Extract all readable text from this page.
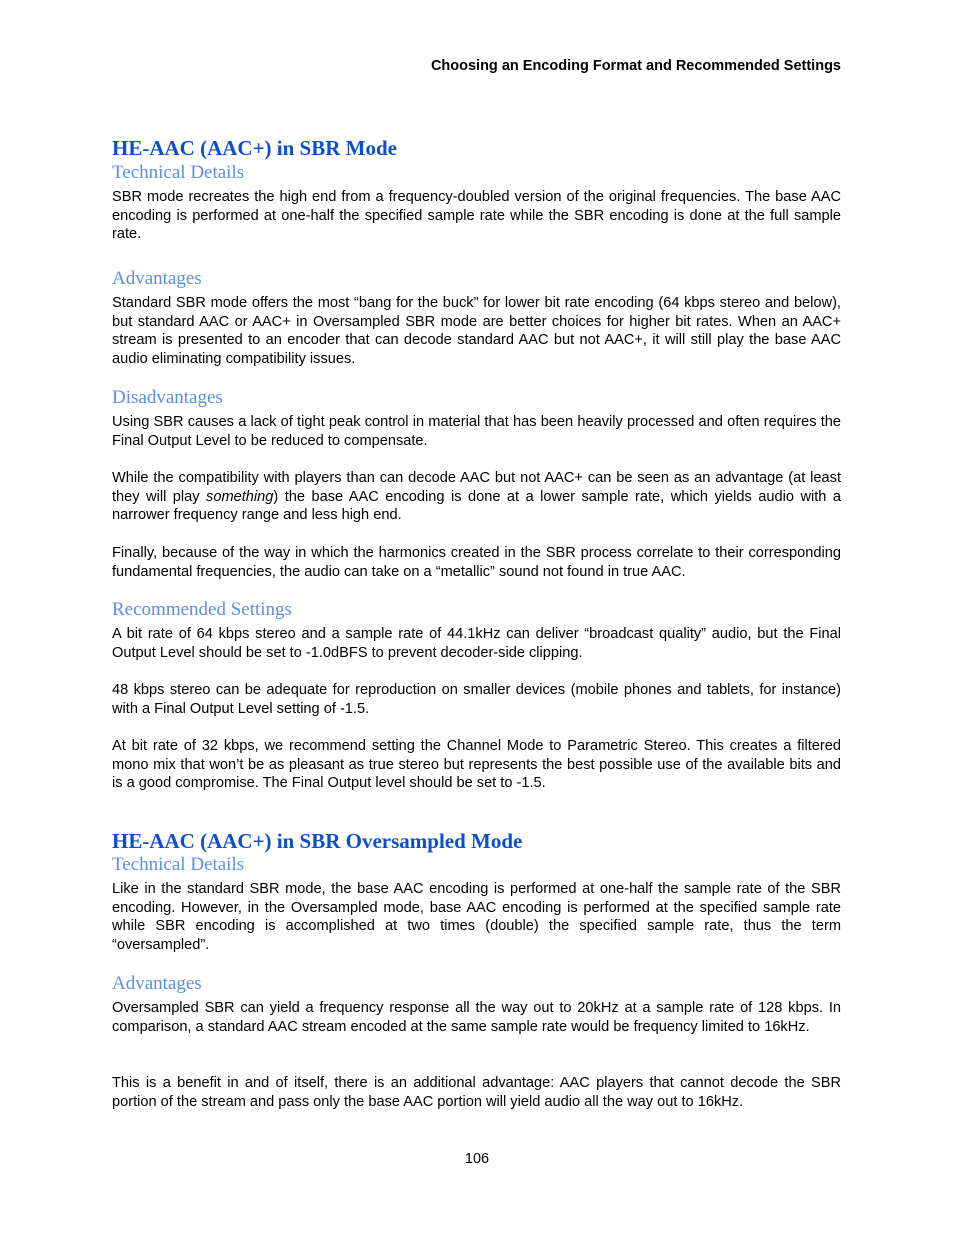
Choosing an Encoding Format and Recommended Settings
HE-AAC (AAC+) in SBR Mode
Technical Details
SBR mode recreates the high end from a frequency-doubled version of the original frequencies. The base AAC encoding is performed at one-half the specified sample rate while the SBR encoding is done at the full sample rate.
Advantages
Standard SBR mode offers the most “bang for the buck” for lower bit rate encoding (64 kbps stereo and below), but standard AAC or AAC+ in Oversampled SBR mode are better choices for higher bit rates. When an AAC+ stream is presented to an encoder that can decode standard AAC but not AAC+, it will still play the base AAC audio eliminating compatibility issues.
Disadvantages
Using SBR causes a lack of tight peak control in material that has been heavily processed and often requires the Final Output Level to be reduced to compensate.
While the compatibility with players than can decode AAC but not AAC+ can be seen as an advantage (at least they will play something) the base AAC encoding is done at a lower sample rate, which yields audio with a narrower frequency range and less high end.
Finally, because of the way in which the harmonics created in the SBR process correlate to their corresponding fundamental frequencies, the audio can take on a “metallic” sound not found in true AAC.
Recommended Settings
A bit rate of 64 kbps stereo and a sample rate of 44.1kHz can deliver “broadcast quality” audio, but the Final Output Level should be set to -1.0dBFS to prevent decoder-side clipping.
48 kbps stereo can be adequate for reproduction on smaller devices (mobile phones and tablets, for instance) with a Final Output Level setting of -1.5.
At bit rate of 32 kbps, we recommend setting the Channel Mode to Parametric Stereo. This creates a filtered mono mix that won’t be as pleasant as true stereo but represents the best possible use of the available bits and is a good compromise. The Final Output level should be set to -1.5.
HE-AAC (AAC+) in SBR Oversampled Mode
Technical Details
Like in the standard SBR mode, the base AAC encoding is performed at one-half the sample rate of the SBR encoding. However, in the Oversampled mode, base AAC encoding is performed at the specified sample rate while SBR encoding is accomplished at two times (double) the specified sample rate, thus the term “oversampled”.
Advantages
Oversampled SBR can yield a frequency response all the way out to 20kHz at a sample rate of 128 kbps. In comparison, a standard AAC stream encoded at the same sample rate would be frequency limited to 16kHz.
This is a benefit in and of itself, there is an additional advantage: AAC players that cannot decode the SBR portion of the stream and pass only the base AAC portion will yield audio all the way out to 16kHz.
106
